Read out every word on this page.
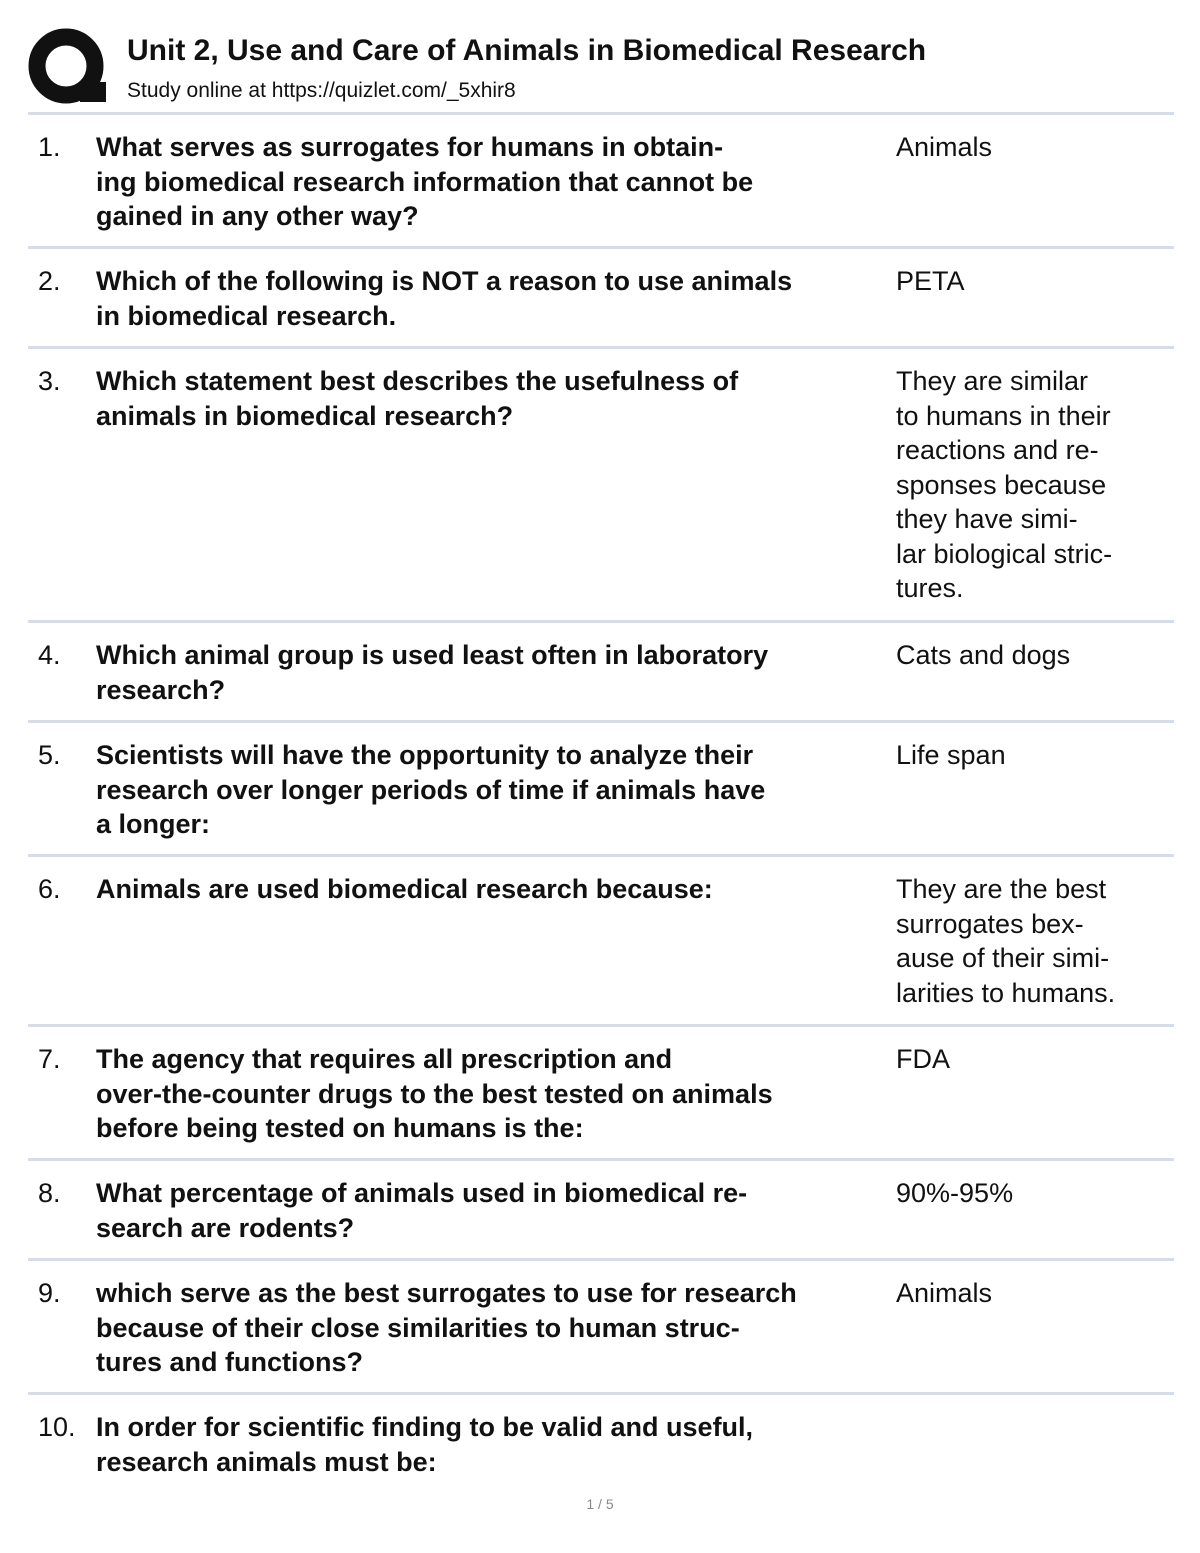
Unit 2, Use and Care of Animals in Biomedical Research

Study online at https://quizlet.com/_5xhir8

1. What serves as surrogates for humans in obtain-
ing biomedical research information that cannot be
gained in any other way?
Animals
2. Which of the following is NOT a reason to use animals
in biomedical research.
PETA
3. Which statement best describes the usefulness of
animals in biomedical research?
They are similar
to humans in their
reactions and re-
sponses because
they have simi-
lar biological stric-
tures.
4. Which animal group is used least often in laboratory
research?
Cats and dogs
5. Scientists will have the opportunity to analyze their
research over longer periods of time if animals have
a longer:
Life span
6. Animals are used biomedical research because:	They are the best
surrogates bex-
ause of their simi-
larities to humans.
7. The agency that requires all prescription and
over-the-counter drugs to the best tested on animals
before being tested on humans is the:
FDA
8. What percentage of animals used in biomedical re-
search are rodents?
90%-95%
9. which serve as the best surrogates to use for research
because of their close similarities to human struc-
tures and functions?
Animals
10. In order for scientific finding to be valid and useful,
research animals must be:
1 / 5
